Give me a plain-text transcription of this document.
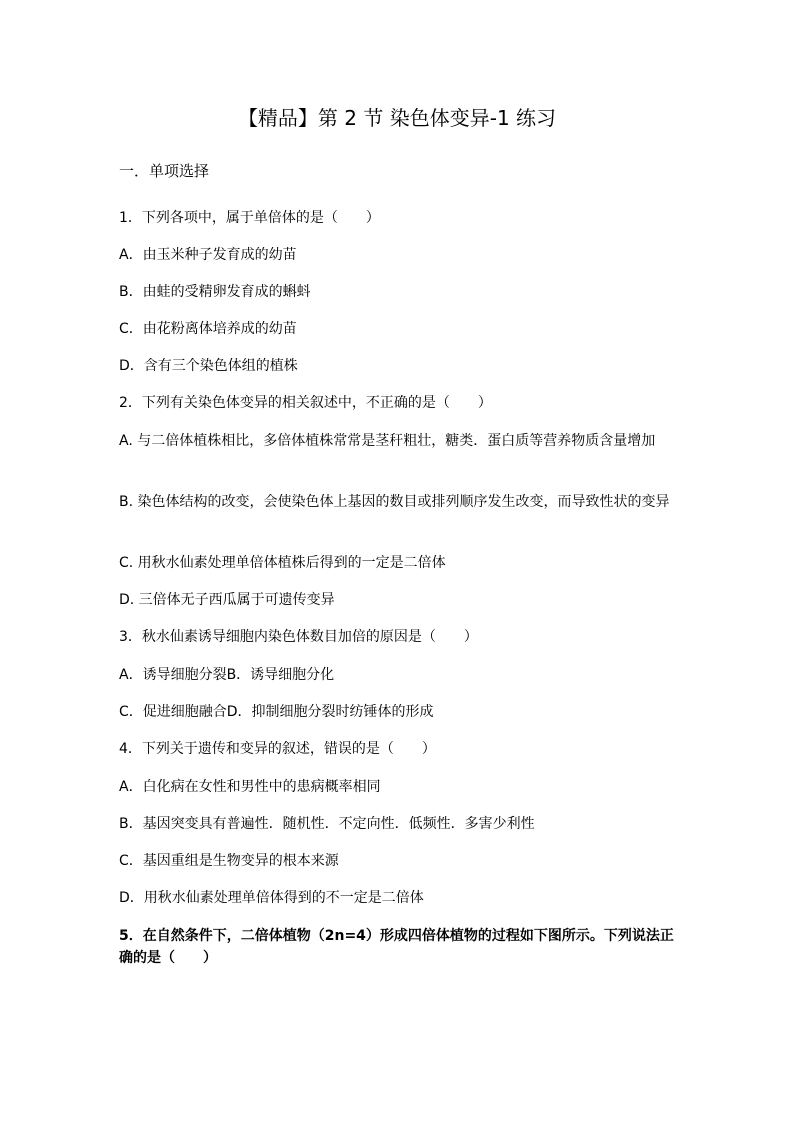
【精品】第 2 节 染色体变异-1 练习
一．单项选择
1．下列各项中，属于单倍体的是（　　）
A．由玉米种子发育成的幼苗
B．由蛙的受精卵发育成的蝌蚪
C．由花粉离体培养成的幼苗
D．含有三个染色体组的植株
2．下列有关染色体变异的相关叙述中，不正确的是（　　）
A. 与二倍体植株相比，多倍体植株常常是茎秆粗壮，糖类．蛋白质等营养物质含量增加
B. 染色体结构的改变，会使染色体上基因的数目或排列顺序发生改变，而导致性状的变异
C. 用秋水仙素处理单倍体植株后得到的一定是二倍体
D. 三倍体无子西瓜属于可遗传变异
3．秋水仙素诱导细胞内染色体数目加倍的原因是（　　）
A．诱导细胞分裂B．诱导细胞分化
C．促进细胞融合D．抑制细胞分裂时纺锤体的形成
4．下列关于遗传和变异的叙述，错误的是（　　）
A．白化病在女性和男性中的患病概率相同
B．基因突变具有普遍性．随机性．不定向性．低频性．多害少利性
C．基因重组是生物变异的根本来源
D．用秋水仙素处理单倍体得到的不一定是二倍体
5．在自然条件下，二倍体植物（2n=4）形成四倍体植物的过程如下图所示。下列说法正确的是（　　）
